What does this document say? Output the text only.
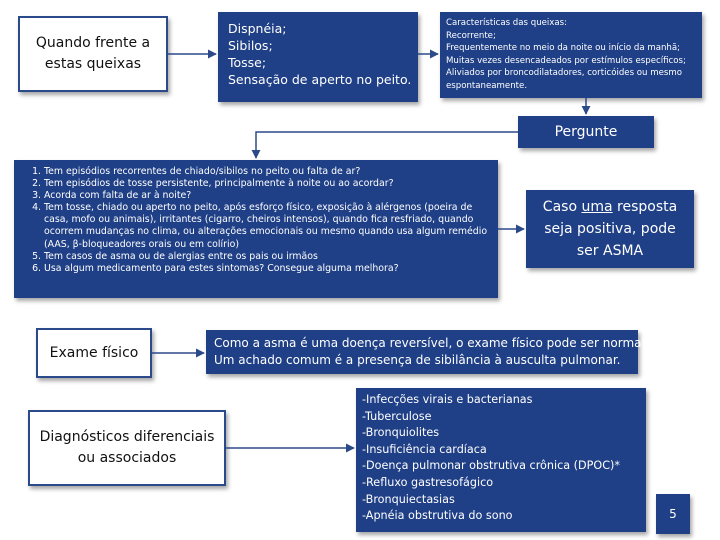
Quando frente a
estas queixas
Dispnéia;
Sibilos;
Tosse;
Sensação de aperto no peito.
Características das queixas:
Recorrente;
Frequentemente no meio da noite ou início da manhã;
Muitas vezes desencadeados por estímulos específicos;
Aliviados por broncodilatadores, corticóides ou mesmo
espontaneamente.
Pergunte
1. Tem episódios recorrentes de chiado/sibilos no peito ou falta de ar?
2. Tem episódios de tosse persistente, principalmente à noite ou ao acordar?
3. Acorda com falta de ar à noite?
4. Tem tosse, chiado ou aperto no peito, após esforço físico, exposição à alérgenos (poeira de casa, mofo ou animais), irritantes (cigarro, cheiros intensos), quando fica resfriado, quando ocorrem mudanças no clima, ou alterações emocionais ou mesmo quando usa algum remédio (AAS, β-bloqueadores orais ou em colírio)
5. Tem casos de asma ou de alergias entre os pais ou irmãos
6. Usa algum medicamento para estes sintomas? Consegue alguma melhora?
Caso uma resposta
seja positiva, pode
ser ASMA
Exame físico
Como a asma é uma doença reversível, o exame físico pode ser normal.
Um achado comum é a presença de sibilância à ausculta pulmonar.
Diagnósticos diferenciais
ou associados
-Infecções virais e bacterianas
-Tuberculose
-Bronquiolites
-Insuficiência cardíaca
-Doença pulmonar obstrutiva crônica (DPOC)*
-Refluxo gastresofágico
-Bronquiectasias
-Apnéia obstrutiva do sono	5
